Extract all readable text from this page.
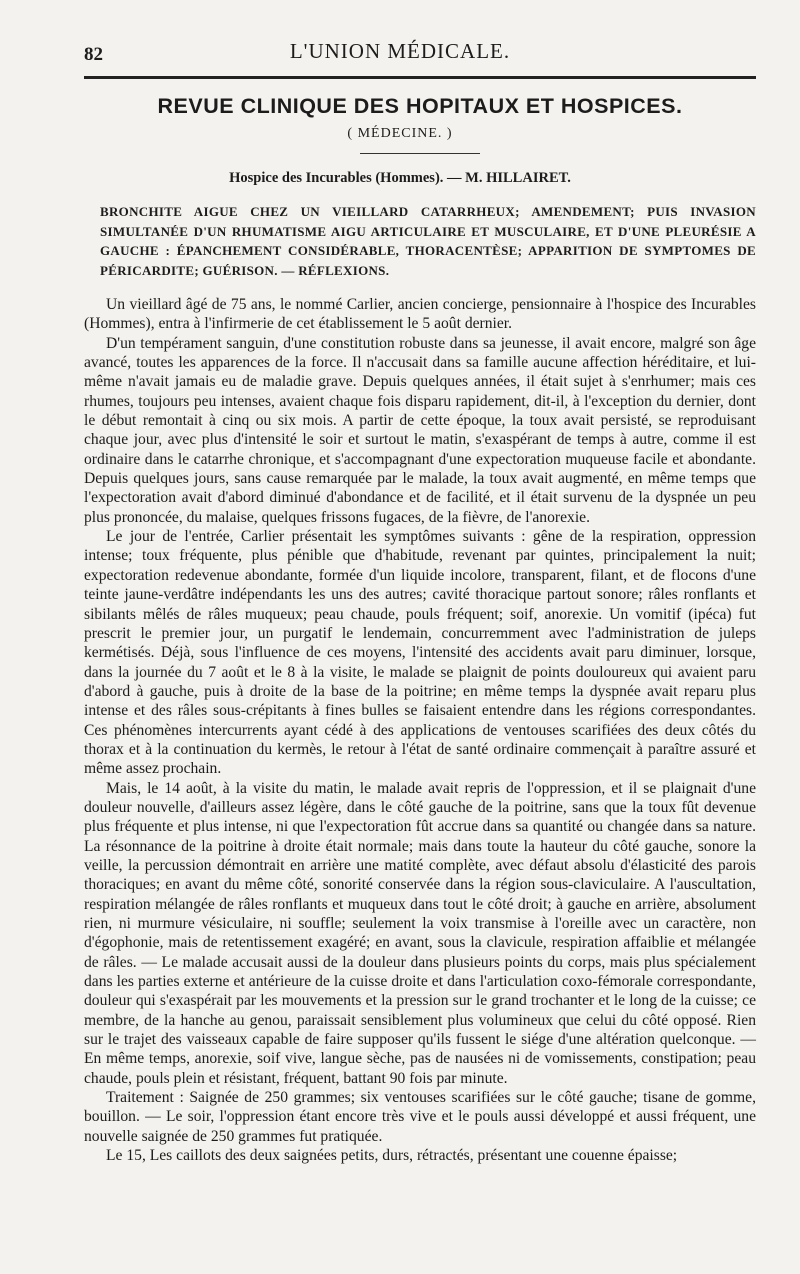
82	L'UNION MÉDICALE.
REVUE CLINIQUE DES HOPITAUX ET HOSPICES.
( MÉDECINE. )
Hospice des Incurables (Hommes). — M. HILLAIRET.
BRONCHITE AIGUE CHEZ UN VIEILLARD CATARRHEUX; AMENDEMENT; PUIS INVASION SIMULTANÉE D'UN RHUMATISME AIGU ARTICULAIRE ET MUSCULAIRE, ET D'UNE PLEURÉSIE A GAUCHE : ÉPANCHEMENT CONSIDÉRABLE, THORACENTÈSE; APPARITION DE SYMPTOMES DE PÉRICARDITE; GUÉRISON. — RÉFLEXIONS.

Un vieillard âgé de 75 ans, le nommé Carlier, ancien concierge, pensionnaire à l'hospice des Incurables (Hommes), entra à l'infirmerie de cet établissement le 5 août dernier.

D'un tempérament sanguin, d'une constitution robuste dans sa jeunesse, il avait encore, malgré son âge avancé, toutes les apparences de la force. Il n'accusait dans sa famille aucune affection héréditaire, et lui-même n'avait jamais eu de maladie grave. Depuis quelques années, il était sujet à s'enrhumer; mais ces rhumes, toujours peu intenses, avaient chaque fois disparu rapidement, dit-il, à l'exception du dernier, dont le début remontait à cinq ou six mois. A partir de cette époque, la toux avait persisté, se reproduisant chaque jour, avec plus d'intensité le soir et surtout le matin, s'exaspérant de temps à autre, comme il est ordinaire dans le catarrhe chronique, et s'accompagnant d'une expectoration muqueuse facile et abondante. Depuis quelques jours, sans cause remarquée par le malade, la toux avait augmenté, en même temps que l'expectoration avait d'abord diminué d'abondance et de facilité, et il était survenu de la dyspnée un peu plus prononcée, du malaise, quelques frissons fugaces, de la fièvre, de l'anorexie.

Le jour de l'entrée, Carlier présentait les symptômes suivants : gêne de la respiration, oppression intense; toux fréquente, plus pénible que d'habitude, revenant par quintes, principalement la nuit; expectoration redevenue abondante, formée d'un liquide incolore, transparent, filant, et de flocons d'une teinte jaune-verdâtre indépendants les uns des autres; cavité thoracique partout sonore; râles ronflants et sibilants mêlés de râles muqueux; peau chaude, pouls fréquent; soif, anorexie. Un vomitif (ipéca) fut prescrit le premier jour, un purgatif le lendemain, concurremment avec l'administration de juleps kermétisés. Déjà, sous l'influence de ces moyens, l'intensité des accidents avait paru diminuer, lorsque, dans la journée du 7 août et le 8 à la visite, le malade se plaignit de points douloureux qui avaient paru d'abord à gauche, puis à droite de la base de la poitrine; en même temps la dyspnée avait reparu plus intense et des râles sous-crépitants à fines bulles se faisaient entendre dans les régions correspondantes. Ces phénomènes intercurrents ayant cédé à des applications de ventouses scarifiées des deux côtés du thorax et à la continuation du kermès, le retour à l'état de santé ordinaire commençait à paraître assuré et même assez prochain.

Mais, le 14 août, à la visite du matin, le malade avait repris de l'oppression, et il se plaignait d'une douleur nouvelle, d'ailleurs assez légère, dans le côté gauche de la poitrine, sans que la toux fût devenue plus fréquente et plus intense, ni que l'expectoration fût accrue dans sa quantité ou changée dans sa nature. La résonnance de la poitrine à droite était normale; mais dans toute la hauteur du côté gauche, sonore la veille, la percussion démontrait en arrière une matité complète, avec défaut absolu d'élasticité des parois thoraciques; en avant du même côté, sonorité conservée dans la région sous-claviculaire. A l'auscultation, respiration mélangée de râles ronflants et muqueux dans tout le côté droit; à gauche en arrière, absolument rien, ni murmure vésiculaire, ni souffle; seulement la voix transmise à l'oreille avec un caractère, non d'égophonie, mais de retentissement exagéré; en avant, sous la clavicule, respiration affaiblie et mélangée de râles. — Le malade accusait aussi de la douleur dans plusieurs points du corps, mais plus spécialement dans les parties externe et antérieure de la cuisse droite et dans l'articulation coxo-fémorale correspondante, douleur qui s'exaspérait par les mouvements et la pression sur le grand trochanter et le long de la cuisse; ce membre, de la hanche au genou, paraissait sensiblement plus volumineux que celui du côté opposé. Rien sur le trajet des vaisseaux capable de faire supposer qu'ils fussent le siége d'une altération quelconque. — En même temps, anorexie, soif vive, langue sèche, pas de nausées ni de vomissements, constipation; peau chaude, pouls plein et résistant, fréquent, battant 90 fois par minute.

Traitement : Saignée de 250 grammes; six ventouses scarifiées sur le côté gauche; tisane de gomme, bouillon. — Le soir, l'oppression étant encore très vive et le pouls aussi développé et aussi fréquent, une nouvelle saignée de 250 grammes fut pratiquée.

Le 15, Les caillots des deux saignées petits, durs, rétractés, présentant une couenne épaisse;
